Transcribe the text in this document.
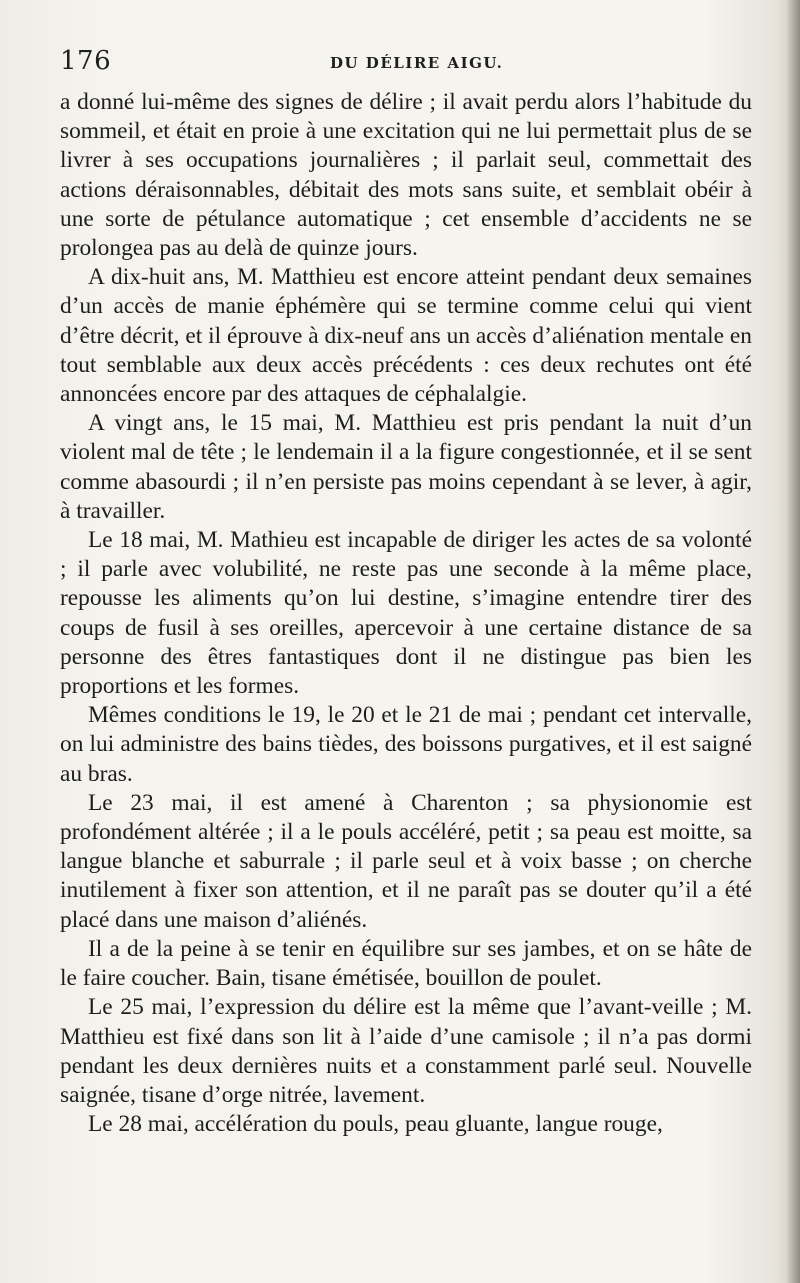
176	DU DÉLIRE AIGU.

a donné lui-même des signes de délire ; il avait perdu alors l’habitude du sommeil, et était en proie à une excitation qui ne lui permettait plus de se livrer à ses occupations journalières ; il parlait seul, commettait des actions déraisonnables, débitait des mots sans suite, et semblait obéir à une sorte de pétulance automatique ; cet ensemble d’accidents ne se prolongea pas au delà de quinze jours.

A dix-huit ans, M. Matthieu est encore atteint pendant deux semaines d’un accès de manie éphémère qui se termine comme celui qui vient d’être décrit, et il éprouve à dix-neuf ans un accès d’aliénation mentale en tout semblable aux deux accès précédents : ces deux rechutes ont été annoncées encore par des attaques de céphalalgie.

A vingt ans, le 15 mai, M. Matthieu est pris pendant la nuit d’un violent mal de tête ; le lendemain il a la figure congestionnée, et il se sent comme abasourdi ; il n’en persiste pas moins cependant à se lever, à agir, à travailler.

Le 18 mai, M. Mathieu est incapable de diriger les actes de sa volonté ; il parle avec volubilité, ne reste pas une seconde à la même place, repousse les aliments qu’on lui destine, s’imagine entendre tirer des coups de fusil à ses oreilles, apercevoir à une certaine distance de sa personne des êtres fantastiques dont il ne distingue pas bien les proportions et les formes.

Mêmes conditions le 19, le 20 et le 21 de mai ; pendant cet intervalle, on lui administre des bains tièdes, des boissons purgatives, et il est saigné au bras.

Le 23 mai, il est amené à Charenton ; sa physionomie est profondément altérée ; il a le pouls accéléré, petit ; sa peau est moitte, sa langue blanche et saburrale ; il parle seul et à voix basse ; on cherche inutilement à fixer son attention, et il ne paraît pas se douter qu’il a été placé dans une maison d’aliénés.

Il a de la peine à se tenir en équilibre sur ses jambes, et on se hâte de le faire coucher. Bain, tisane émétisée, bouillon de poulet.

Le 25 mai, l’expression du délire est la même que l’avant-veille ; M. Matthieu est fixé dans son lit à l’aide d’une camisole ; il n’a pas dormi pendant les deux dernières nuits et a constamment parlé seul. Nouvelle saignée, tisane d’orge nitrée, lavement.

Le 28 mai, accélération du pouls, peau gluante, langue rouge,
